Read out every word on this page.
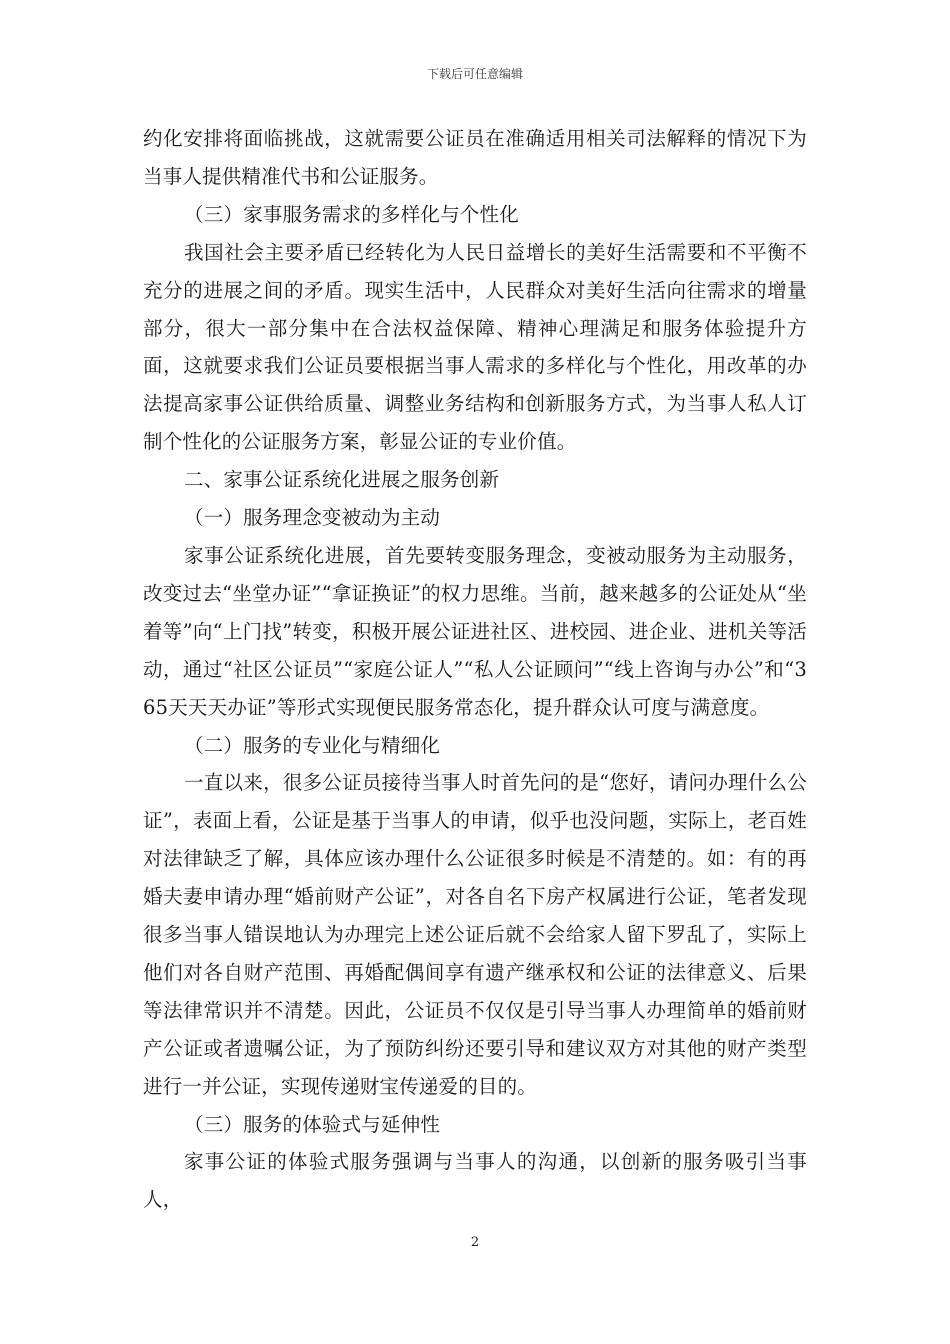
下载后可任意编辑

约化安排将面临挑战，这就需要公证员在准确适用相关司法解释的情况下为当事人提供精准代书和公证服务。

（三）家事服务需求的多样化与个性化

我国社会主要矛盾已经转化为人民日益增长的美好生活需要和不平衡不充分的进展之间的矛盾。现实生活中，人民群众对美好生活向往需求的增量部分，很大一部分集中在合法权益保障、精神心理满足和服务体验提升方面，这就要求我们公证员要根据当事人需求的多样化与个性化，用改革的办法提高家事公证供给质量、调整业务结构和创新服务方式，为当事人私人订制个性化的公证服务方案，彰显公证的专业价值。

二、家事公证系统化进展之服务创新

（一）服务理念变被动为主动

家事公证系统化进展，首先要转变服务理念，变被动服务为主动服务，改变过去“坐堂办证”“拿证换证”的权力思维。当前，越来越多的公证处从“坐着等”向“上门找”转变，积极开展公证进社区、进校园、进企业、进机关等活动，通过“社区公证员”“家庭公证人”“私人公证顾问”“线上咨询与办公”和“365天天天办证”等形式实现便民服务常态化，提升群众认可度与满意度。

（二）服务的专业化与精细化

一直以来，很多公证员接待当事人时首先问的是“您好，请问办理什么公证”，表面上看，公证是基于当事人的申请，似乎也没问题，实际上，老百姓对法律缺乏了解，具体应该办理什么公证很多时候是不清楚的。如：有的再婚夫妻申请办理“婚前财产公证”，对各自名下房产权属进行公证，笔者发现很多当事人错误地认为办理完上述公证后就不会给家人留下罗乱了，实际上他们对各自财产范围、再婚配偶间享有遗产继承权和公证的法律意义、后果等法律常识并不清楚。因此，公证员不仅仅是引导当事人办理简单的婚前财产公证或者遗嘱公证，为了预防纠纷还要引导和建议双方对其他的财产类型进行一并公证，实现传递财宝传递爱的目的。

（三）服务的体验式与延伸性

家事公证的体验式服务强调与当事人的沟通，以创新的服务吸引当事人，

2
